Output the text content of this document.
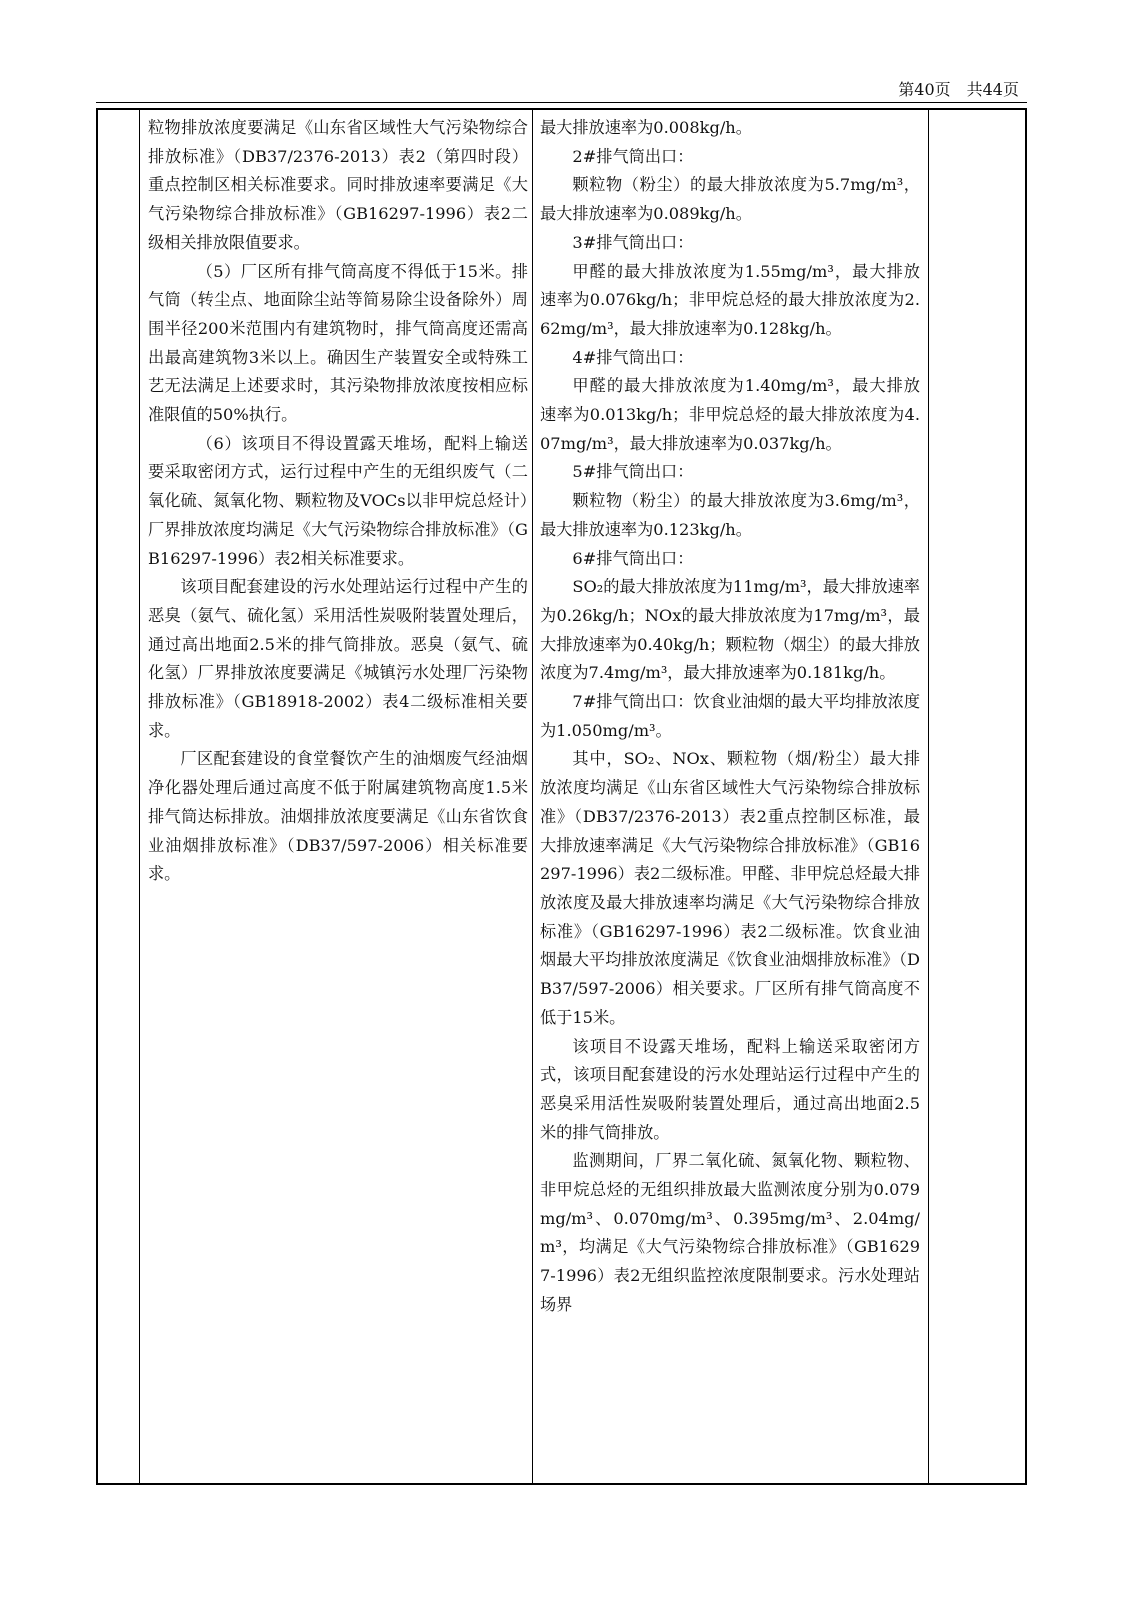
第40页　共44页

粒物排放浓度要满足《山东省区域性大气污染物综合排放标准》（DB37/2376-2013）表2（第四时段）重点控制区相关标准要求。同时排放速率要满足《大气污染物综合排放标准》（GB16297-1996）表2二级相关排放限值要求。

（5）厂区所有排气筒高度不得低于15米。排气筒（转尘点、地面除尘站等简易除尘设备除外）周围半径200米范围内有建筑物时，排气筒高度还需高出最高建筑物3米以上。确因生产装置安全或特殊工艺无法满足上述要求时，其污染物排放浓度按相应标准限值的50%执行。

（6）该项目不得设置露天堆场，配料上输送要采取密闭方式，运行过程中产生的无组织废气（二氧化硫、氮氧化物、颗粒物及VOCs以非甲烷总烃计）厂界排放浓度均满足《大气污染物综合排放标准》（GB16297-1996）表2相关标准要求。

该项目配套建设的污水处理站运行过程中产生的恶臭（氨气、硫化氢）采用活性炭吸附装置处理后，通过高出地面2.5米的排气筒排放。恶臭（氨气、硫化氢）厂界排放浓度要满足《城镇污水处理厂污染物排放标准》（GB18918-2002）表4二级标准相关要求。

厂区配套建设的食堂餐饮产生的油烟废气经油烟净化器处理后通过高度不低于附属建筑物高度1.5米排气筒达标排放。油烟排放浓度要满足《山东省饮食业油烟排放标准》（DB37/597-2006）相关标准要求。

最大排放速率为0.008kg/h。

2#排气筒出口：

颗粒物（粉尘）的最大排放浓度为5.7mg/m³，最大排放速率为0.089kg/h。

3#排气筒出口：

甲醛的最大排放浓度为1.55mg/m³，最大排放速率为0.076kg/h；非甲烷总烃的最大排放浓度为2.62mg/m³，最大排放速率为0.128kg/h。

4#排气筒出口：

甲醛的最大排放浓度为1.40mg/m³，最大排放速率为0.013kg/h；非甲烷总烃的最大排放浓度为4.07mg/m³，最大排放速率为0.037kg/h。

5#排气筒出口：

颗粒物（粉尘）的最大排放浓度为3.6mg/m³，最大排放速率为0.123kg/h。

6#排气筒出口：

SO₂的最大排放浓度为11mg/m³，最大排放速率为0.26kg/h；NOx的最大排放浓度为17mg/m³，最大排放速率为0.40kg/h；颗粒物（烟尘）的最大排放浓度为7.4mg/m³，最大排放速率为0.181kg/h。

7#排气筒出口：饮食业油烟的最大平均排放浓度为1.050mg/m³。

其中，SO₂、NOx、颗粒物（烟/粉尘）最大排放浓度均满足《山东省区域性大气污染物综合排放标准》（DB37/2376-2013）表2重点控制区标准，最大排放速率满足《大气污染物综合排放标准》（GB16297-1996）表2二级标准。甲醛、非甲烷总烃最大排放浓度及最大排放速率均满足《大气污染物综合排放标准》（GB16297-1996）表2二级标准。饮食业油烟最大平均排放浓度满足《饮食业油烟排放标准》（DB37/597-2006）相关要求。厂区所有排气筒高度不低于15米。

该项目不设露天堆场，配料上输送采取密闭方式，该项目配套建设的污水处理站运行过程中产生的恶臭采用活性炭吸附装置处理后，通过高出地面2.5米的排气筒排放。

监测期间，厂界二氧化硫、氮氧化物、颗粒物、非甲烷总烃的无组织排放最大监测浓度分别为0.079mg/m³、0.070mg/m³、0.395mg/m³、2.04mg/m³，均满足《大气污染物综合排放标准》（GB16297-1996）表2无组织监控浓度限制要求。污水处理站场界
